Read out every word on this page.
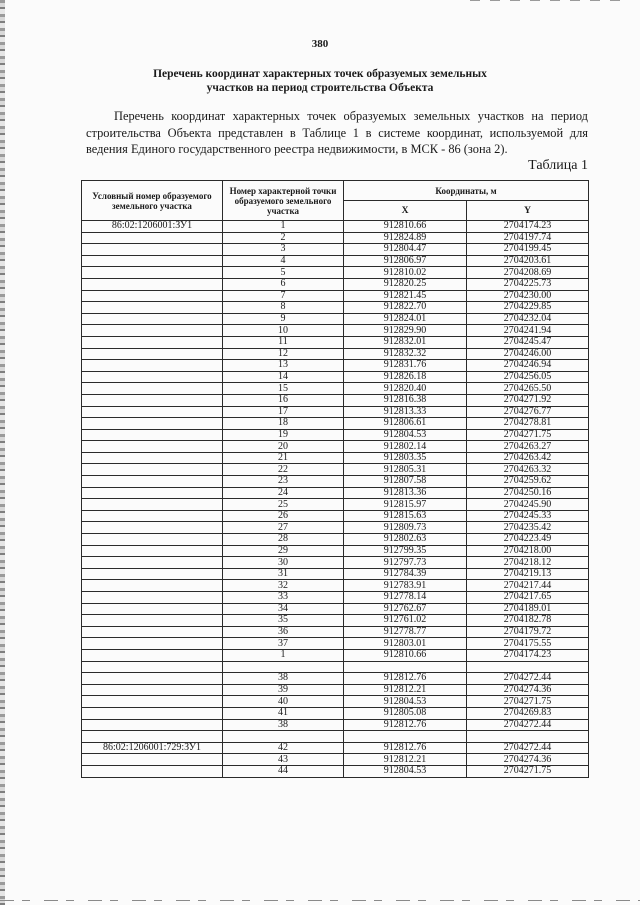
380
Перечень координат характерных точек образуемых земельных
участков на период строительства Объекта
Перечень координат характерных точек образуемых земельных участков на период строительства Объекта представлен в Таблице 1 в системе координат, используемой для ведения Единого государственного реестра недвижимости, в МСК - 86 (зона 2).
Таблица 1
Условный номер образуемого земельного участка	Номер характерной точки образуемого земельного участка	Координаты, м	
		X	Y
86:02:1206001:ЗУ1	1	912810.66	2704174.23
	2	912824.89	2704197.74
	3	912804.47	2704199.45
	4	912806.97	2704203.61
	5	912810.02	2704208.69
	6	912820.25	2704225.73
	7	912821.45	2704230.00
	8	912822.70	2704229.85
	9	912824.01	2704232.04
	10	912829.90	2704241.94
	11	912832.01	2704245.47
	12	912832.32	2704246.00
	13	912831.76	2704246.94
	14	912826.18	2704256.05
	15	912820.40	2704265.50
	16	912816.38	2704271.92
	17	912813.33	2704276.77
	18	912806.61	2704278.81
	19	912804.53	2704271.75
	20	912802.14	2704263.27
	21	912803.35	2704263.42
	22	912805.31	2704263.32
	23	912807.58	2704259.62
	24	912813.36	2704250.16
	25	912815.97	2704245.90
	26	912815.63	2704245.33
	27	912809.73	2704235.42
	28	912802.63	2704223.49
	29	912799.35	2704218.00
	30	912797.73	2704218.12
	31	912784.39	2704219.13
	32	912783.91	2704217.44
	33	912778.14	2704217.65
	34	912762.67	2704189.01
	35	912761.02	2704182.78
	36	912778.77	2704179.72
	37	912803.01	2704175.55
	1	912810.66	2704174.23

	38	912812.76	2704272.44
	39	912812.21	2704274.36
	40	912804.53	2704271.75
	41	912805.08	2704269.83
	38	912812.76	2704272.44

86:02:1206001:729:ЗУ1	42	912812.76	2704272.44
	43	912812.21	2704274.36
	44	912804.53	2704271.75
